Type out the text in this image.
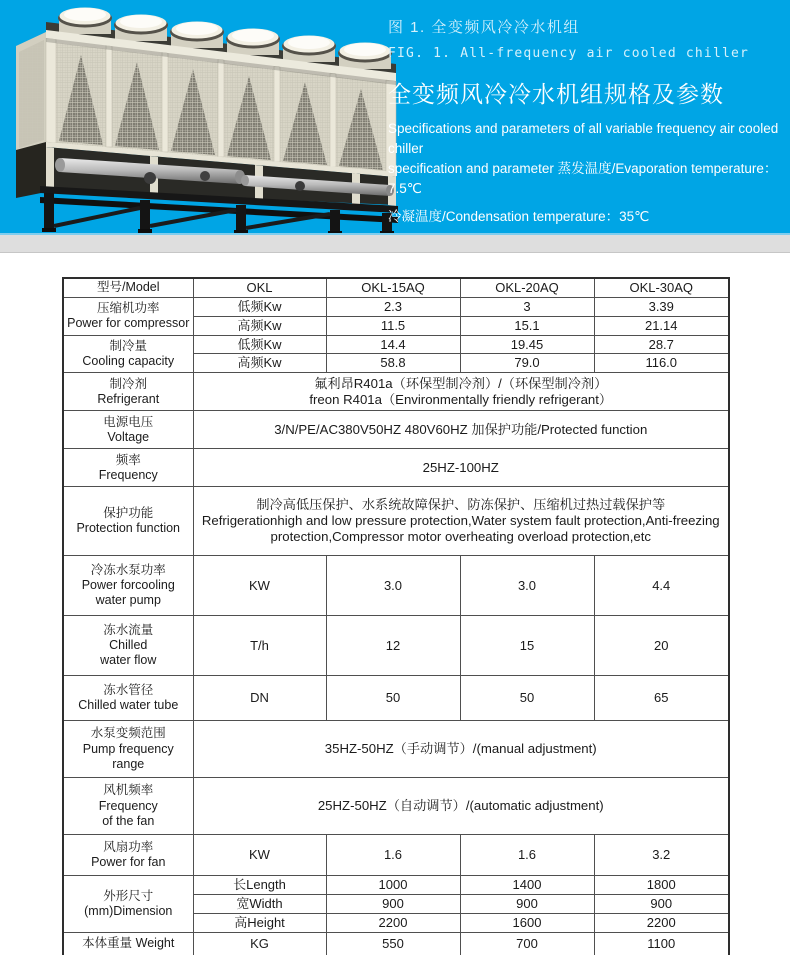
图 1. 全变频风冷冷水机组
FIG. 1. All-frequency air cooled chiller
全变频风冷冷水机组规格及参数
Specifications and parameters of all variable frequency air cooled chiller
specification and parameter 蒸发温度/Evaporation temperature：7.5℃
冷凝温度/Condensation temperature：35℃
型号/Model	OKL	OKL-15AQ	OKL-20AQ	OKL-30AQ

压缩机功率
Power for compressor	低频Kw	2.3	3	3.39
	高频Kw	11.5	15.1	21.14

制冷量
Cooling capacity	低频Kw	14.4	19.45	28.7
	高频Kw	58.8	79.0	116.0

制冷剂
Refrigerant	氟利昂R401a（环保型制冷剂）/（环保型制冷剂）
freon R401a（Environmentally friendly refrigerant）			

电源电压
Voltage	3/N/PE/AC380V50HZ 480V60HZ 加保护功能/Protected function			

频率
Frequency	25HZ-100HZ			

保护功能
Protection function	制冷高低压保护、水系统故障保护、防冻保护、压缩机过热过载保护等
Refrigerationhigh and low pressure protection,Water system fault protection,Anti-freezing protection,Compressor motor overheating overload protection,etc			

冷冻水泵功率
Power forcooling
water pump	KW	3.0	3.0	4.4

冻水流量
Chilled
water flow	T/h	12	15	20

冻水管径
Chilled water tube	DN	50	50	65

水泵变频范围
Pump frequency
range	35HZ-50HZ（手动调节）/(manual adjustment)			

风机频率
Frequency
of the fan	25HZ-50HZ（自动调节）/(automatic adjustment)			

风扇功率
Power for fan	KW	1.6	1.6	3.2

外形尺寸
(mm)Dimension	长Length	1000	1400	1800
	宽Width	900	900	900
	高Height	2200	1600	2200
本体重量 Weight	KG	550	700	1100
